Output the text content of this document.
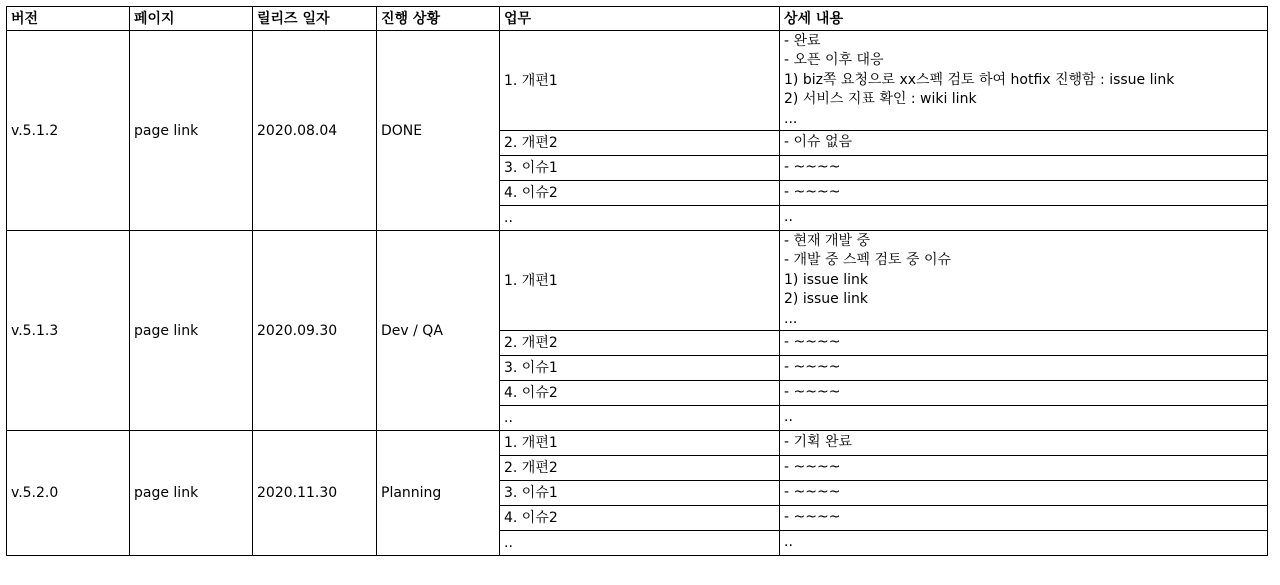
버전	페이지	릴리즈 일자	진행 상황	업무	상세 내용
v.5.1.2	page link	2020.08.04	DONE	1. 개편1	- 완료
- 오픈 이후 대응
1) biz쪽 요청으로 xx스펙 검토 하여 hotfix 진행함 : issue link
2) 서비스 지표 확인 : wiki link
...

				2. 개편2	- 이슈 없음

				3. 이슈1	- ~~~~

				4. 이슈2	- ~~~~

				..	..

v.5.1.3	page link	2020.09.30	Dev / QA	1. 개편1	- 현재 개발 중
- 개발 중 스펙 검토 중 이슈
1) issue link
2) issue link
...

				2. 개편2	- ~~~~

				3. 이슈1	- ~~~~

				4. 이슈2	- ~~~~

				..	..

v.5.2.0	page link	2020.11.30	Planning	1. 개편1	- 기획 완료

				2. 개편2	- ~~~~

				3. 이슈1	- ~~~~

				4. 이슈2	- ~~~~

				..	..
